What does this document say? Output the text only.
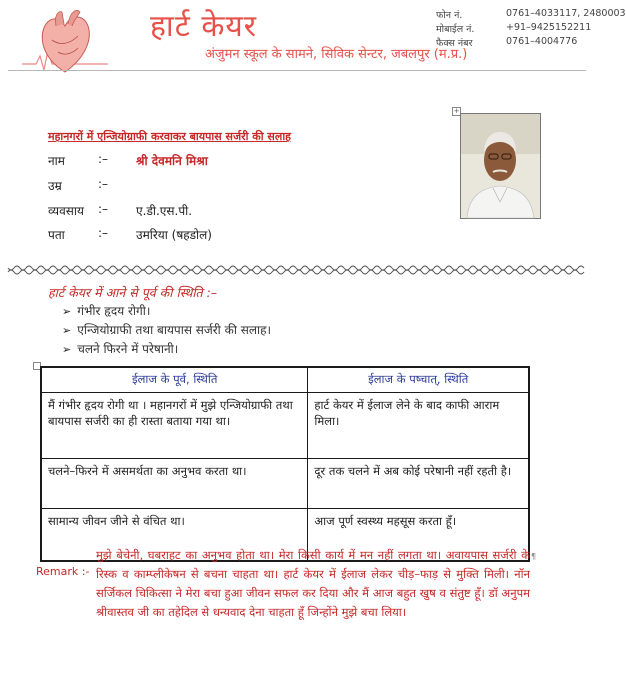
हार्ट केयर
अंजुमन स्कूल के सामने, सिविक सेन्टर, जबलपुर (म.प्र.)
फोन नं.	0761–4033117, 2480003
मोबाईल नं.	+91–9425152211
फैक्स नंबर	0761–4004776
महानगरों में एन्जियोग्राफी करवाकर बायपास सर्जरी की सलाह
नाम	:– श्री देवमनि मिश्रा
उम्र	:–
व्यवसाय :– ए.डी.एस.पी.
पता	:– उमरिया (षहडोल)
+
हार्ट केयर में आने से पूर्व की स्थिति :–
➢ गंभीर हृदय रोगी।
➢ एन्जियोग्राफी तथा बायपास सर्जरी की सलाह।
➢ चलने फिरने में परेषानी।
ईलाज के पूर्व, स्थिति	ईलाज के पष्चात्, स्थिति
मैं गंभीर हृदय रोगी था । महानगरों में मुझे एन्जियोग्राफी तथा बायपास सर्जरी का ही रास्ता बताया गया था।	हार्ट केयर में ईलाज लेने के बाद काफी आराम मिला।
चलने–फिरने में असमर्थता का अनुभव करता था।	दूर तक चलने में अब कोई परेषानी नहीं रहती है।
सामान्य जीवन जीने से वंचित था।	आज पूर्ण स्वस्थ्य महसूस करता हूँ।
Remark :-
¶
मुझे बेचेनी, घबराहट का अनुभव होता था। मेरा किसी कार्य में मन नहीं लगता था। अवायपास सर्जरी के रिस्क व काम्प्लीकेषन से बचना चाहता था। हार्ट केयर में ईलाज लेकर चीड़–फाड़ से मुक्ति मिली। नॉन सर्जिकल चिकित्सा ने मेरा बचा हुआ जीवन सफल कर दिया और मैं आज बहुत खुष व संतुष्ट हूँ। डॉ अनुपम श्रीवास्तव जी का तहेदिल से धन्यवाद देना चाहता हूँ जिन्होंने मुझे बचा लिया।
